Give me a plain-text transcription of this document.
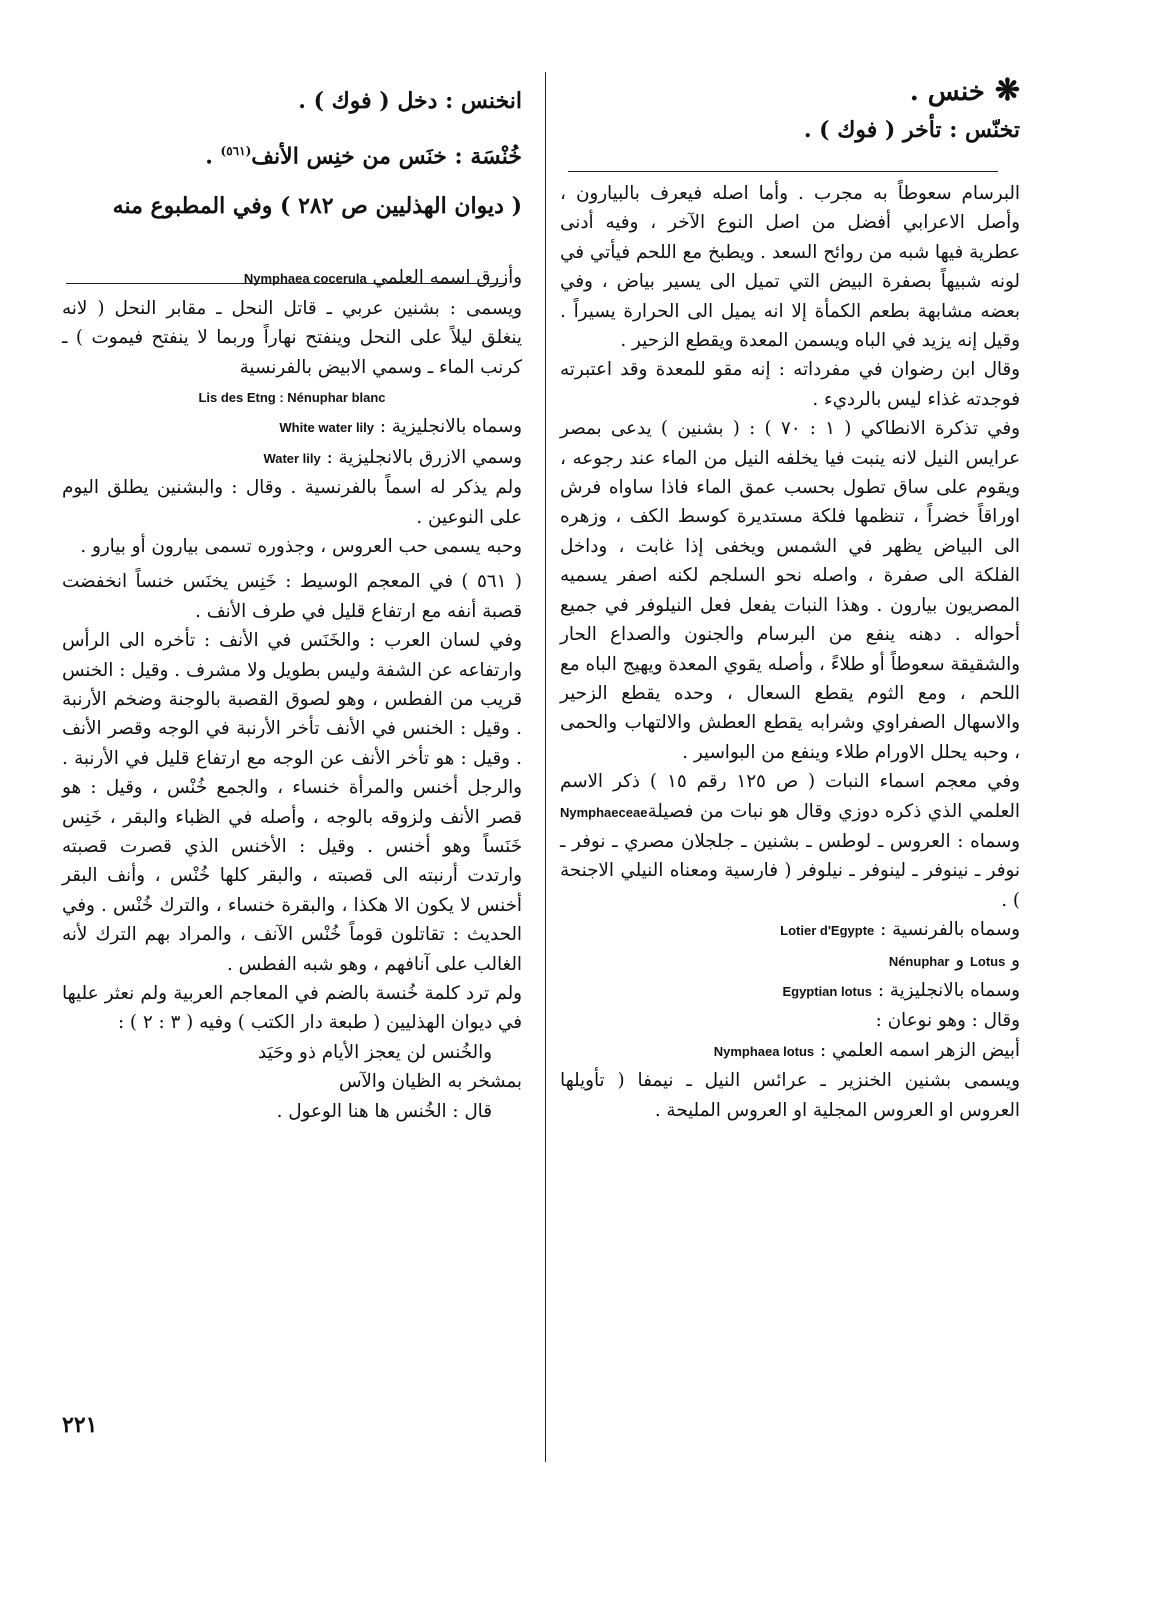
❋خنس .
تخنّس : تأخر ( فوك ) .

البرسام سعوطاً به مجرب . وأما اصله فيعرف بالبيارون ، وأصل الاعرابي أفضل من اصل النوع الآخر ، وفيه أدنى عطرية فيها شبه من روائح السعد . ويطبخ مع اللحم فيأتي في لونه شبيهاً بصفرة البيض التي تميل الى يسير بياض ، وفي بعضه مشابهة بطعم الكمأة إلا انه يميل الى الحرارة يسيراً . وقيل إنه يزيد في الباه ويسمن المعدة ويقطع الزحير .

وقال ابن رضوان في مفرداته : إنه مقو للمعدة وقد اعتبرته فوجدته غذاء ليس بالرديء .

وفي تذكرة الانطاكي ( ١ : ٧٠ ) : ( بشنين ) يدعى بمصر عرايس النيل لانه ينبت فيا يخلفه النيل من الماء عند رجوعه ، ويقوم على ساق تطول بحسب عمق الماء فاذا ساواه فرش اوراقاً خضراً ، تنظمها فلكة مستديرة كوسط الكف ، وزهره الى البياض يظهر في الشمس ويخفى إذا غابت ، وداخل الفلكة الى صفرة ، واصله نحو السلجم لكنه اصفر يسميه المصريون بيارون . وهذا النبات يفعل فعل النيلوفر في جميع أحواله . دهنه ينفع من البرسام والجنون والصداع الحار والشقيقة سعوطاً أو طلاءً ، وأصله يقوي المعدة ويهيج الباه مع اللحم ، ومع الثوم يقطع السعال ، وحده يقطع الزحير والاسهال الصفراوي وشرابه يقطع العطش والالتهاب والحمى ، وحبه يحلل الاورام طلاء وينفع من البواسير .

وفي معجم اسماء النبات ( ص ١٢٥ رقم ١٥ ) ذكر الاسم العلمي الذي ذكره دوزي وقال هو نبات من فصيلةNymphaeceae وسماه : العروس ـ لوطس ـ بشنين ـ جلجلان مصري ـ نوفر ـ نوفر ـ نينوفر ـ لينوفر ـ نيلوفر ( فارسية ومعناه النيلي الاجنحة ) .

وسماه بالفرنسية : Lotier d'Egypte

و Lotus و Nénuphar

وسماه بالانجليزية : Egyptian lotus

وقال : وهو نوعان :

أبيض الزهر اسمه العلمي : Nymphaea lotus

ويسمى بشنين الخنزير ـ عرائس النيل ـ نيمفا ( تأويلها العروس او العروس المجلية او العروس المليحة .

انخنس : دخل ( فوك ) .
خُنْسَة : خنَس من خنِس الأنف$^{(٥٦١)}$ .
( ديوان الهذليين ص ٢٨٢ ) وفي المطبوع منه

وأزرق اسمه العلمي Nymphaea cocerula

ويسمى : بشنين عربي ـ قاتل النحل ـ مقابر النحل ( لانه ينغلق ليلاً على النحل وينفتح نهاراً وربما لا ينفتح فيموت ) ـ كرنب الماء ـ وسمي الابيض بالفرنسية

Lis des Etng : Nénuphar blanc

وسماه بالانجليزية : White water lily

وسمي الازرق بالانجليزية : Water lily

ولم يذكر له اسماً بالفرنسية . وقال : والبشنين يطلق اليوم على النوعين .

وحبه يسمى حب العروس ، وجذوره تسمى بيارون أو بيارو .

( ٥٦١ ) في المعجم الوسيط : خَنِس يخنَس خنساً انخفضت قصبة أنفه مع ارتفاع قليل في طرف الأنف .

وفي لسان العرب : والخَنَس في الأنف : تأخره الى الرأس وارتفاعه عن الشفة وليس بطويل ولا مشرف . وقيل : الخنس قريب من الفطس ، وهو لصوق القصبة بالوجنة وضخم الأرنبة . وقيل : الخنس في الأنف تأخر الأرنبة في الوجه وقصر الأنف . وقيل : هو تأخر الأنف عن الوجه مع ارتفاع قليل في الأرنبة . والرجل أخنس والمرأة خنساء ، والجمع خُنْس ، وقيل : هو قصر الأنف ولزوقه بالوجه ، وأصله في الظباء والبقر ، خَنِس خَنَساً وهو أخنس . وقيل : الأخنس الذي قصرت قصبته وارتدت أرنبته الى قصبته ، والبقر كلها خُنْس ، وأنف البقر أخنس لا يكون الا هكذا ، والبقرة خنساء ، والترك خُنْس . وفي الحديث : تقاتلون قوماً خُنْس الآنف ، والمراد بهم الترك لأنه الغالب على آنافهم ، وهو شبه الفطس .

ولم ترد كلمة خُنسة بالضم في المعاجم العربية ولم نعثر عليها في ديوان الهذليين ( طبعة دار الكتب ) وفيه ( ٣ : ٢ ) :

والخُنس لن يعجز الأيام ذو وحَيَد

بمشخر به الظيان والآس

قال : الخُنس ها هنا الوعول .

٢٢١
